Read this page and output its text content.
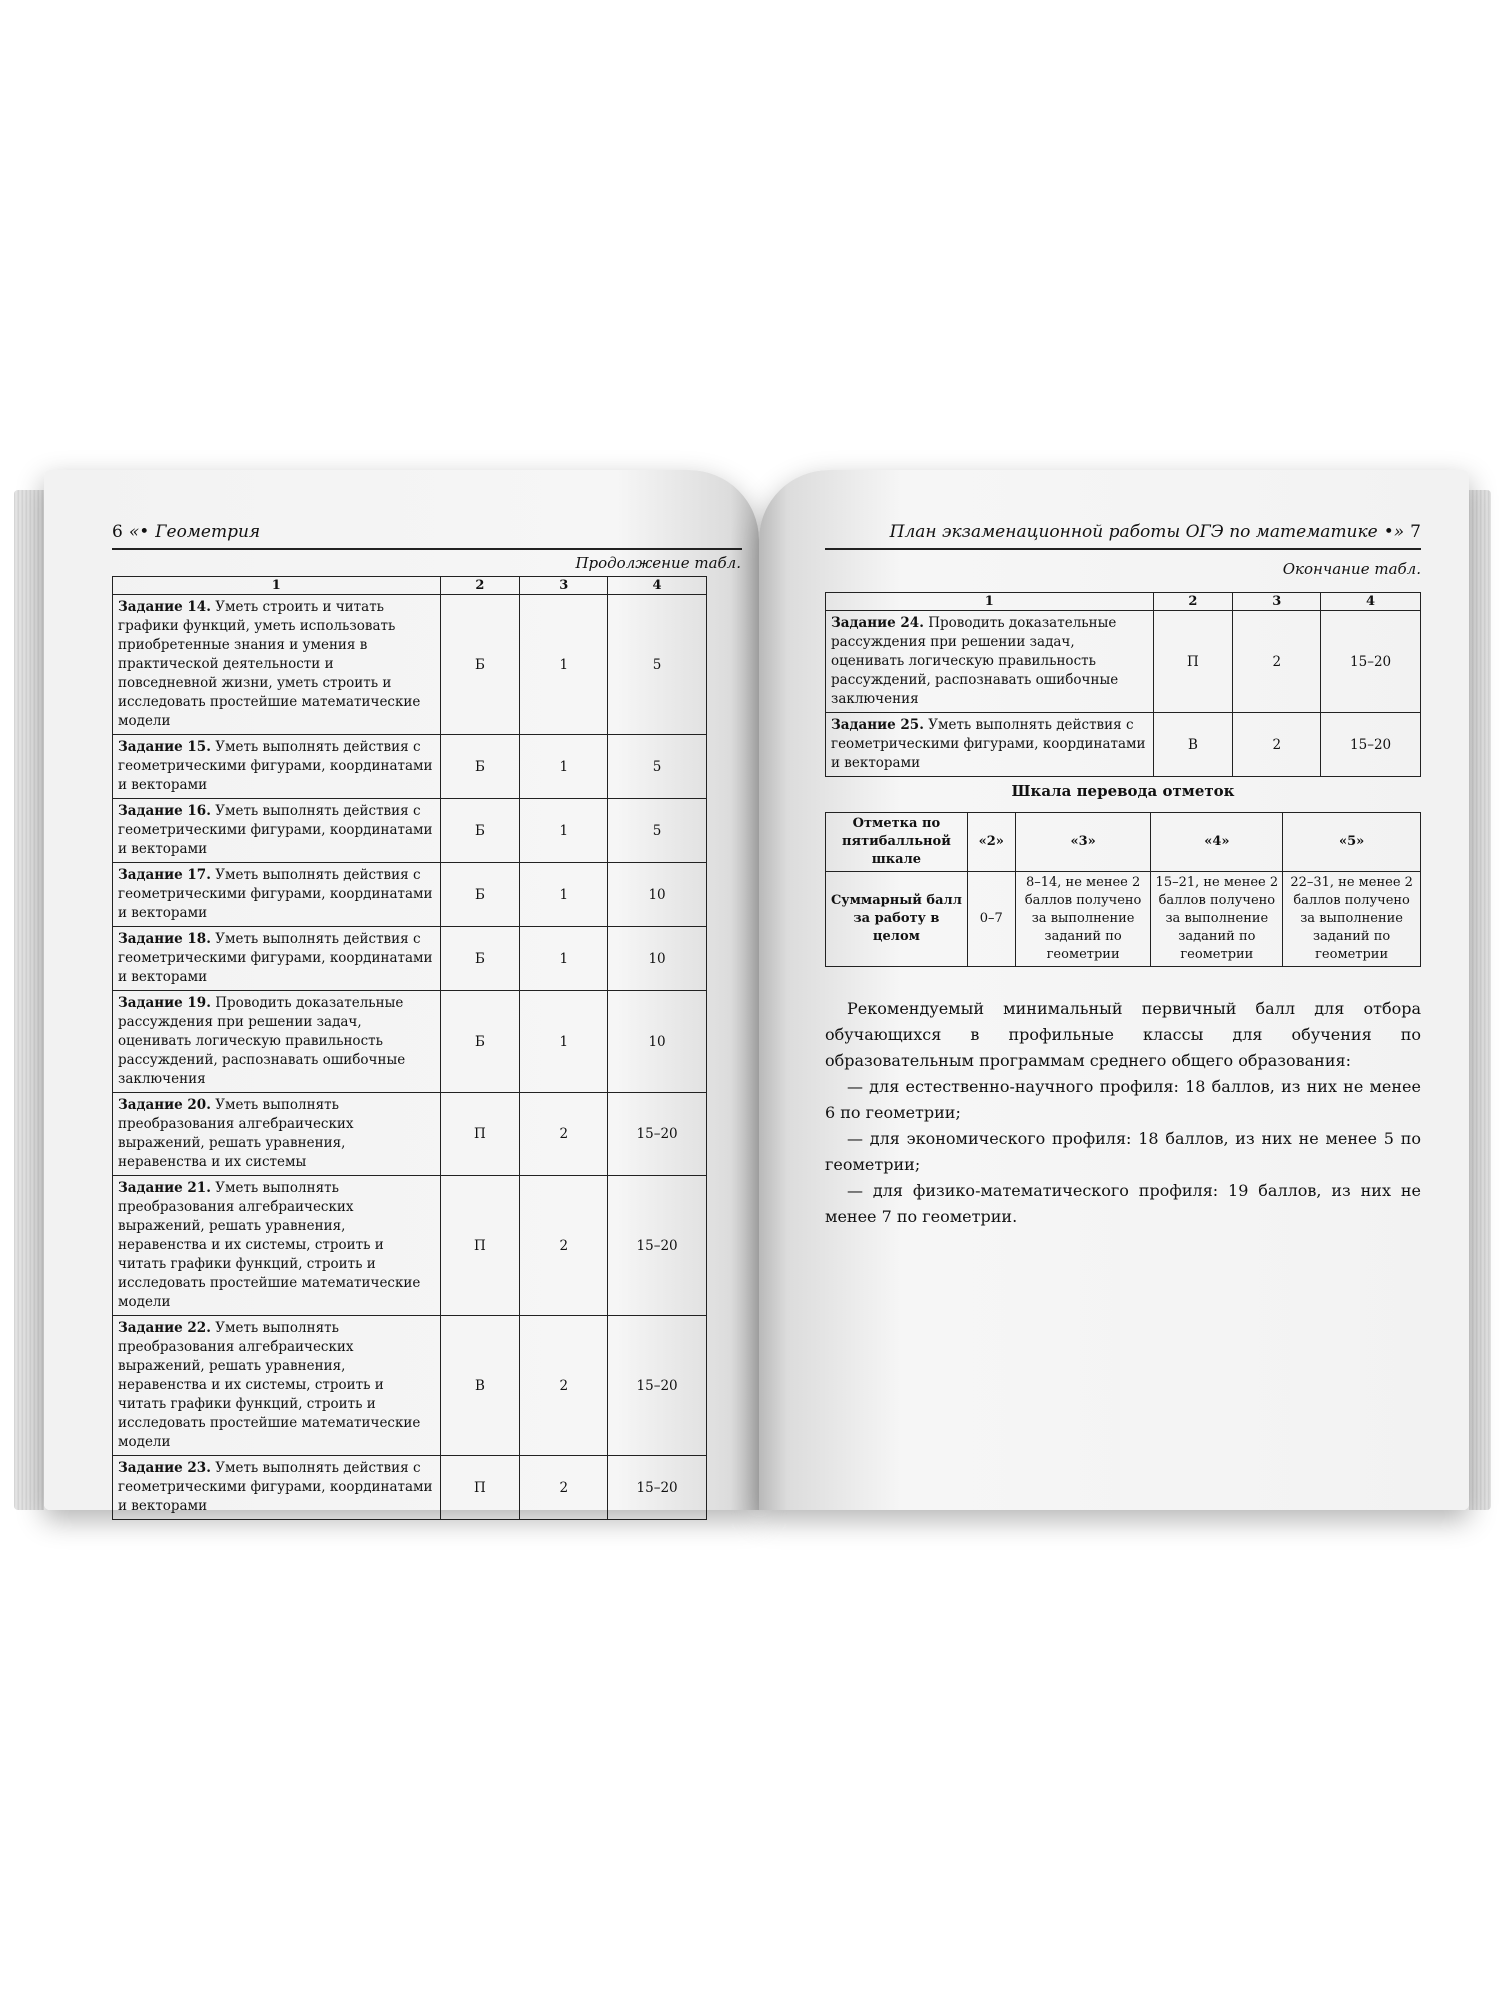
6 «• Геометрия
Продолжение табл.
1	2	3	4
Задание 14. Уметь строить и читать графики функций, уметь использовать приобретенные знания и умения в практической деятельности и повседневной жизни, уметь строить и исследовать простейшие математические модели	Б	1	5
Задание 15. Уметь выполнять действия с геометрическими фигурами, координатами и векторами	Б	1	5
Задание 16. Уметь выполнять действия с геометрическими фигурами, координатами и векторами	Б	1	5
Задание 17. Уметь выполнять действия с геометрическими фигурами, координатами и векторами	Б	1	10
Задание 18. Уметь выполнять действия с геометрическими фигурами, координатами и векторами	Б	1	10
Задание 19. Проводить доказательные рассуждения при решении задач, оценивать логическую правильность рассуждений, распознавать ошибочные заключения	Б	1	10
Задание 20. Уметь выполнять преобразования алгебраических выражений, решать уравнения, неравенства и их системы	П	2	15–20
Задание 21. Уметь выполнять преобразования алгебраических выражений, решать уравнения, неравенства и их системы, строить и читать графики функций, строить и исследовать простейшие математические модели	П	2	15–20
Задание 22. Уметь выполнять преобразования алгебраических выражений, решать уравнения, неравенства и их системы, строить и читать графики функций, строить и исследовать простейшие математические модели	В	2	15–20
Задание 23. Уметь выполнять действия с геометрическими фигурами, координатами и векторами	П	2	15–20
План экзаменационной работы ОГЭ по математике •» 7
Окончание табл.
1	2	3	4
Задание 24. Проводить доказательные рассуждения при решении задач, оценивать логическую правильность рассуждений, распознавать ошибочные заключения	П	2	15–20
Задание 25. Уметь выполнять действия с геометрическими фигурами, координатами и векторами	В	2	15–20
Шкала перевода отметок
Отметка по пятибалльной шкале	«2»	«3»	«4»	«5»
Суммарный балл за работу в целом	0–7	8–14, не менее 2 баллов получено за выполнение заданий по геометрии	15–21, не менее 2 баллов получено за выполнение заданий по геометрии	22–31, не менее 2 баллов получено за выполнение заданий по геометрии

Рекомендуемый минимальный первичный балл для отбора обучающихся в профильные классы для обучения по образовательным программам среднего общего образования:

— для естественно-научного профиля: 18 баллов, из них не менее 6 по геометрии;

— для экономического профиля: 18 баллов, из них не менее 5 по геометрии;

— для физико-математического профиля: 19 баллов, из них не менее 7 по геометрии.
